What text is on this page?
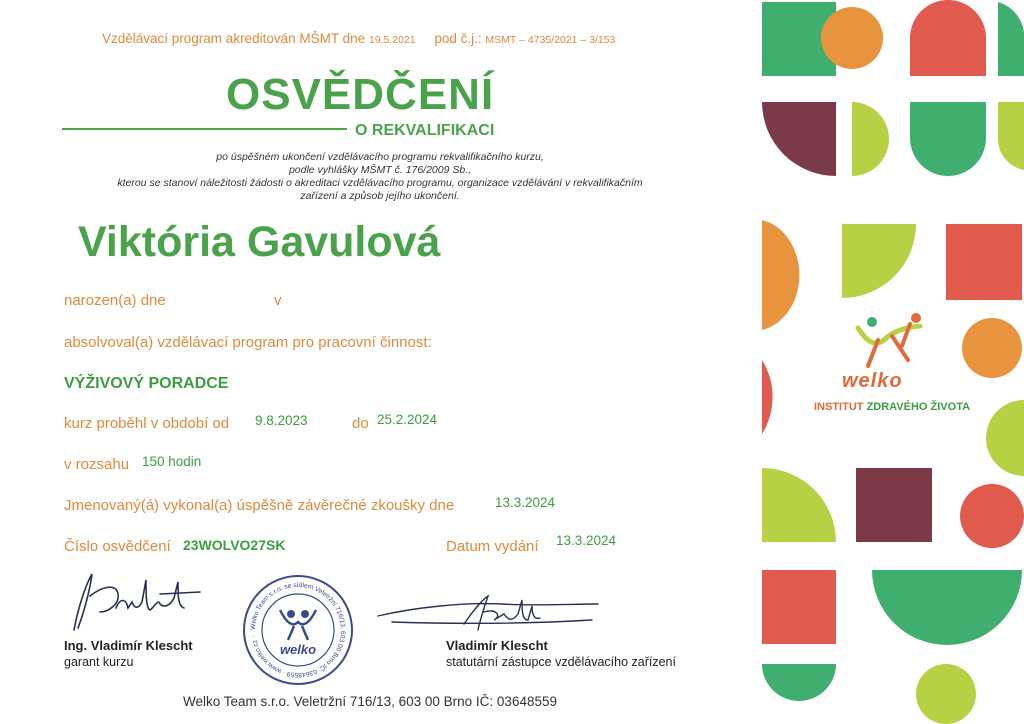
Vzdělávací program akreditován MŠMT dne 19.5.2021 pod č.j.: MSMT – 4735/2021 – 3/153
OSVĚDČENÍ
O REKVALIFIKACI
po úspěšném ukončení vzdělávacího programu rekvalifikačního kurzu,
podle vyhlášky MŠMT č. 176/2009 Sb.,
kterou se stanoví náležitosti žádosti o akreditaci vzdělávacího programu, organizace vzdělávání v rekvalifikačním
zařízení a způsob jejího ukončení.
Viktória Gavulová
narozen(a) dne	v
absolvoval(a) vzdělávací program pro pracovní činnost:
VÝŽIVOVÝ PORADCE
kurz proběhl v období od 9.8.2023	do 25.2.2024
v rozsahu 150 hodin
Jmenovaný(á) vykonal(a) úspěšně závěrečné zkoušky dne	13.3.2024
Číslo osvědčení 23WOLVO27SK	Datum vydání 13.3.2024
Ing. Vladimír Klescht
garant kurzu
Welko Team s.r.o. se sídlem Veletržní 716/13, 603 00 Brno IČ: 03648559 · www.welko.cz ·
welko	Vladimír Klescht
statutární zástupce vzdělávacího zařízení
Welko Team s.r.o. Veletržní 716/13, 603 00 Brno IČ: 03648559
welko
INSTITUT ZDRAVÉHO ŽIVOTA
